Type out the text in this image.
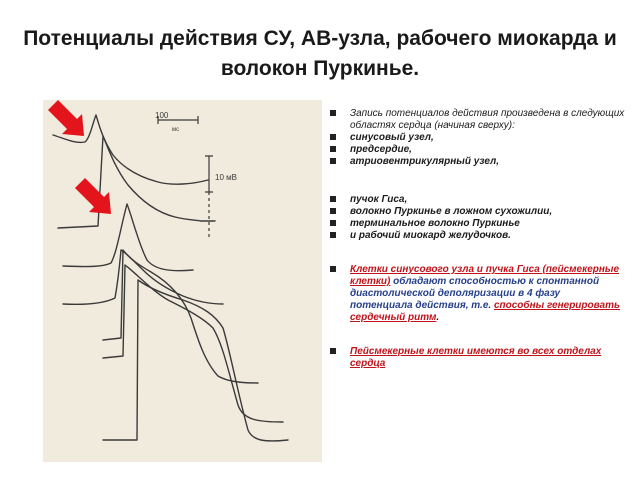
Потенциалы действия СУ, АВ-узла, рабочего миокарда и волокон Пуркинье.
100
мс
10 мВ
Запись потенциалов действия произведена в следующих областях сердца (начиная сверху):
синусовый узел,
предсердие,
атриовентрикулярный узел,
пучок Гиса,
волокно Пуркинье в ложном сухожилии,
терминальное волокно Пуркинье
и рабочий миокард желудочков.
Клетки синусового узла и пучка Гиса (пейсмекерные клетки) обладают способностью к спонтанной диастолической деполяризации в 4 фазу потенциала действия, т.е. способны генерировать сердечный ритм.
Пейсмекерные клетки имеются во всех отделах сердца
